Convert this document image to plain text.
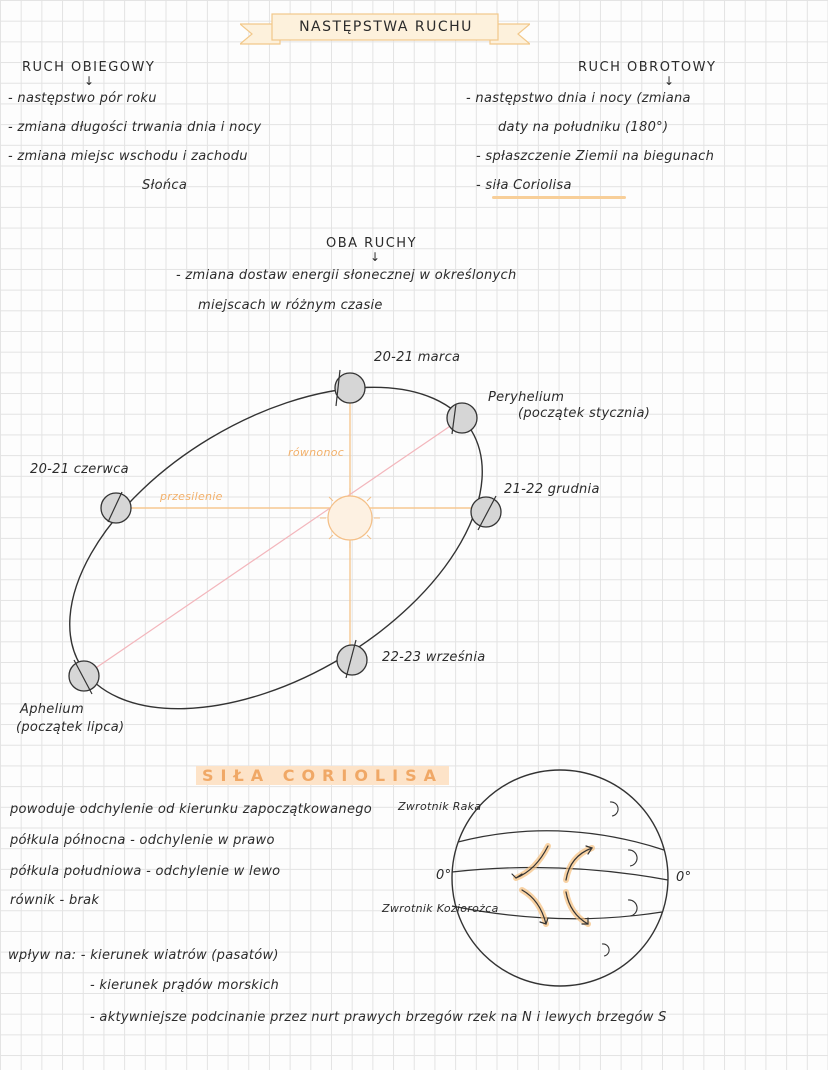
NASTĘPSTWA RUCHU
RUCH OBIEGOWY
↓
- następstwo pór roku
- zmiana długości trwania dnia i nocy
- zmiana miejsc wschodu i zachodu
Słońca
RUCH OBROTOWY
↓
- następstwo dnia i nocy (zmiana
daty na południku (180°)
- spłaszczenie Ziemii na biegunach
- siła Coriolisa
OBA RUCHY
↓
- zmiana dostaw energii słonecznej w określonych
miejscach w różnym czasie
20-21 marca
Peryhelium
(początek stycznia)
20-21 czerwca
21-22 grudnia
22-23 września
Aphelium
(początek lipca)
równonoc
przesilenie
SIŁA CORIOLISA
powoduje odchylenie od kierunku zapoczątkowanego
półkula północna - odchylenie w prawo
półkula południowa - odchylenie w lewo
równik - brak
Zwrotnik Raka
Zwrotnik Koziorożca
0°	0°
wpływ na: - kierunek wiatrów (pasatów)
- kierunek prądów morskich
- aktywniejsze podcinanie przez nurt prawych brzegów rzek na N i lewych brzegów S
